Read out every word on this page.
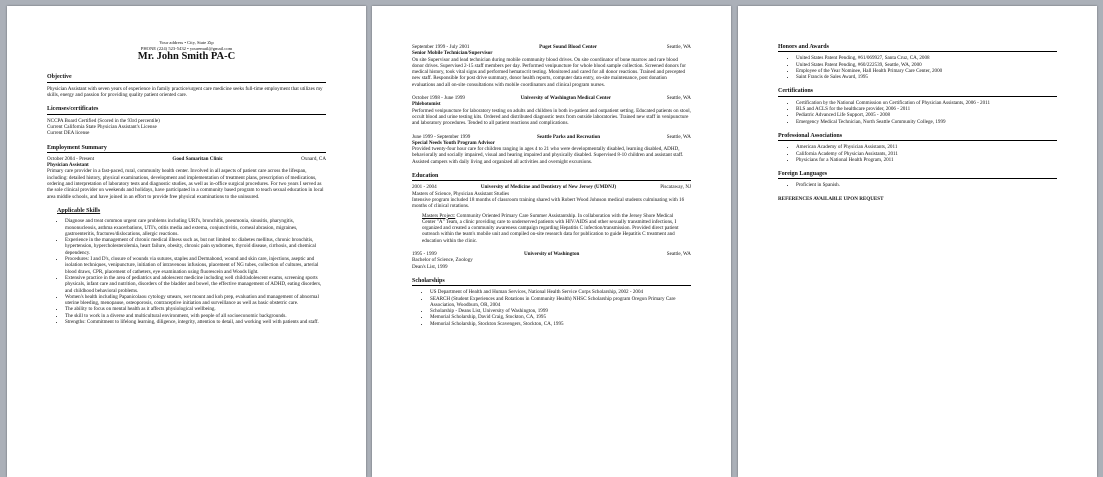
Your address • City, State Zip
PHONE (224) 523-5432 • youremail@gmail.com
Mr. John Smith PA-C
Objective

Physician Assistant with seven years of experience in family practice/urgent care medicine seeks full-time employment that utilizes my skills, energy and passion for providing quality patient oriented care.

Licenses/certificates
NCCPA Board Certified (Scored in the 93rd percentile)
Current California State Physician Assistant's License
Current DEA license
Employment Summary
October 2004 - Present	Good Samaritan Clinic	Oxnard, CA
Physician Assistant

Primary care provider in a fast-paced, rural, community health center. Involved in all aspects of patient care across the lifespan, including: detailed history, physical examinations, development and implementation of treatment plans, prescription of medications, ordering and interpretation of laboratory tests and diagnostic studies, as well as in-office surgical procedures. For two years I served as the sole clinical provider on weekends and holidays, have participated in a community based program to teach sexual education in local area middle schools, and have joined in an effort to provide free physical examinations to the uninsured.

Applicable Skills
• Diagnose and treat common urgent care problems including URI's, bronchitis, pneumonia, sinusitis, pharyngitis, mononucleosis, asthma exacerbations, UTI's, otitis media and externa, conjunctivitis, corneal abrasion, migraines, gastroenteritis, fractures/dislocations, allergic reactions.
• Experience in the management of chronic medical illness such as, but not limited to: diabetes mellitus, chronic bronchitis, hypertension, hypercholesterolemia, heart failure, obesity, chronic pain syndromes, thyroid disease, cirrhosis, and chemical dependency.
• Procedures: I and D's, closure of wounds via sutures, staples and Dermabond, wound and skin care, injections, aseptic and isolation techniques, venipuncture, initiation of intravenous infusions, placement of NG tubes, collection of cultures, arterial blood draws, CPR, placement of catheters, eye examination using fluorescein and Woods light.
• Extensive practice in the area of pediatrics and adolescent medicine including well child/adolescent exams, screening sports physicals, infant care and nutrition, disorders of the bladder and bowel, the effective management of ADHD, eating disorders, and childhood behavioral problems.
• Women's health including Papanicolaou cytology smears, wet mount and koh prep, evaluation and management of abnormal uterine bleeding, menopause, osteoporosis, contraceptive initiation and surveillance as well as basic obstetric care.
• The ability to focus on mental health as it affects physiological wellbeing.
• The skill to work in a diverse and multicultural environment, with people of all socioeconomic backgrounds.
• Strengths: Commitment to lifelong learning, diligence, integrity, attention to detail, and working well with patients and staff.
September 1999 - July 2001	Puget Sound Blood Center	Seattle, WA
Senior Mobile Technician/Supervisor

On site Supervisor and lead technician during mobile community blood drives. On site coordinator of bone marrow and rare blood donor drives. Supervised 2-15 staff members per day. Performed venipuncture for whole blood sample collection. Screened donors for medical history, took vital signs and performed hematocrit testing. Monitored and cared for all donor reactions. Trained and precepted new staff. Responsible for post drive summary, donor health reports, computer data entry, on-site maintenance, post donation evaluations and all on-site consultations with mobile coordinators and clinical program nurses.

October 1998 - June 1999	University of Washington Medical Center	Seattle, WA
Phlebotomist

Performed venipuncture for laboratory testing on adults and children in both in-patient and outpatient setting. Educated patients on stool, occult blood and urine testing kits. Ordered and distributed diagnostic tests from outside laboratories. Trained new staff in venipuncture and laboratory procedures. Tended to all patient reactions and complications.

June 1999 - September 1999	Seattle Parks and Recreation	Seattle, WA
Special Needs Youth Program Advisor

Provided twenty-four hour care for children ranging in ages 4 to 21 who were developmentally disabled, learning disabled, ADHD, behaviorally and socially impaired, visual and hearing impaired and physically disabled. Supervised 8-10 children and assistant staff. Assisted campers with daily living and organized all activities and overnight excursions.

Education
2001 - 2004	University of Medicine and Dentistry of New Jersey (UMDNJ)	Piscataway, NJ
Masters of Science, Physician Assistant Studies

Intensive program included 18 months of classroom training shared with Robert Wood Johnson medical students culminating with 16 months of clinical rotations.

Masters Project: Community Oriented Primary Care Summer Assistantship. In collaboration with the Jersey Shore Medical Center "A" Team, a clinic providing care to underserved patients with HIV/AIDS and other sexually transmitted infections, I organized and created a community awareness campaign regarding Hepatitis C infection/transmission. Provided direct patient outreach within the team's mobile unit and compiled on-site research data for publication to guide Hepatitis C treatment and education within the clinic.

1995 - 1999	University of Washington	Seattle, WA
Bachelor of Science, Zoology
Dean's List, 1999
Scholarships
• US Department of Health and Human Services, National Health Service Corps Scholarship, 2002 - 2004
• SEARCH (Student Experiences and Rotations in Community Health) NHSC Scholarship program Oregon Primary Care Association, Woodburn, OR, 2004
• Scholarship - Deans List, University of Washington, 1999
• Memorial Scholarship, David Craig, Stockton, CA, 1995
• Memorial Scholarship, Stockton Scavengers, Stockton, CA, 1995
Honors and Awards
• United States Patent Pending, #61/069927, Santa Cruz, CA, 2008
• United States Patent Pending, #60/222539, Seattle, WA, 2000
• Employee of the Year Nominee, Hall Health Primary Care Center, 2000
• Saint Francis de Sales Award, 1995
Certifications
• Certification by the National Commission on Certification of Physician Assistants, 2006 - 2011
• BLS and ACLS for the healthcare provider, 2006 - 2011
• Pediatric Advanced Life Support, 2005 - 2008
• Emergency Medical Technician, North Seattle Community College, 1999
Professional Associations
• American Academy of Physician Assistants, 2011
• California Academy of Physician Assistants, 2011
• Physicians for a National Health Program, 2011
Foreign Languages
• Proficient in Spanish.
REFERENCES AVAILABLE UPON REQUEST
